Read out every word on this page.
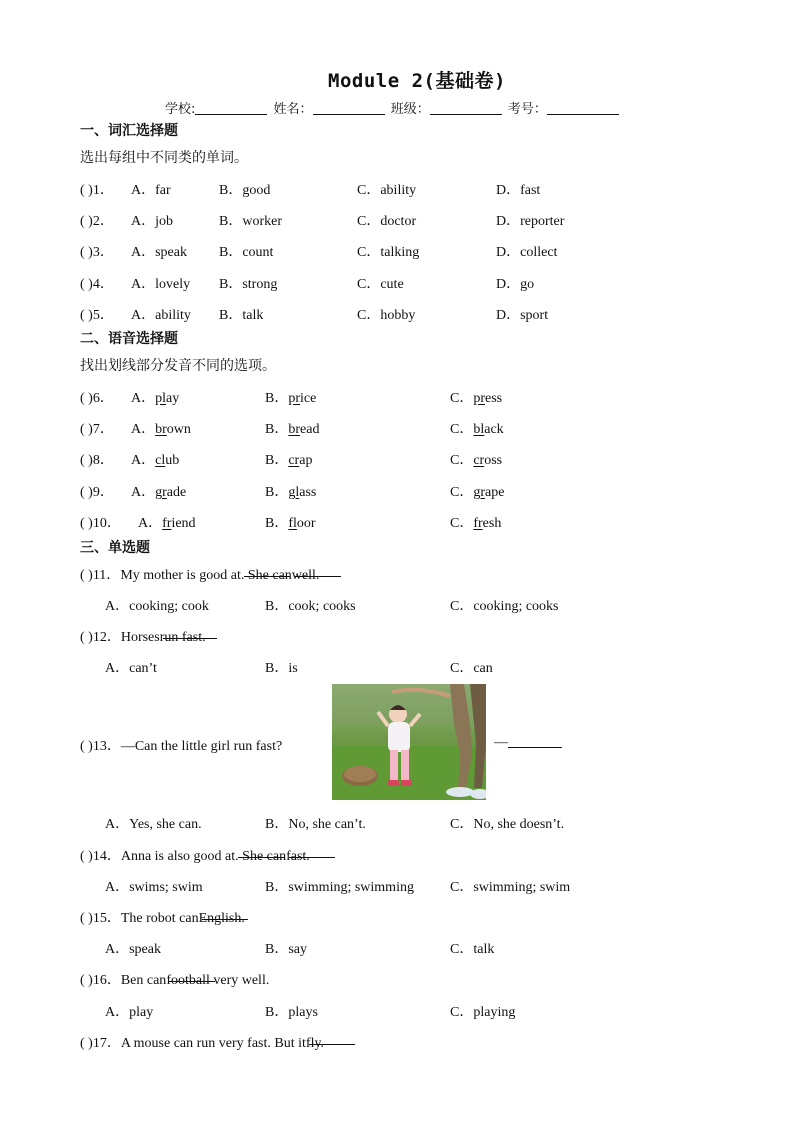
Module 2(基础卷)
学校:	姓名：	班级：	考号：
一、词汇选择题
选出每组中不同类的单词。
( )1． A．far	B．good	C．ability	D．fast
( )2． A．job	B．worker	C．doctor	D．reporter
( )3． A．speak B．count	C．talking	D．collect
( )4． A．lovely B．strong	C．cute	D．go
( )5． A．ability B．talk	C．hobby	D．sport
二、语音选择题
找出划线部分发音不同的选项。
( )6． A．play	B．price	C．press
( )7． A．brown	B．bread	C．black
( )8． A．club	B．crap	C．cross
( )9． A．grade	B．glass	C．grape
( )10． A．friend	B．floor	C．fresh
三、单选题
( )11．My mother is good at
. She can
well.
A．cooking; cook	B．cook; cooks	C．cooking; cooks
( )12．Horses
run fast.
A．can’t	B．is	C．can
( )13．—Can the little girl run fast?	—
A．Yes, she can.	B．No, she can’t.	C．No, she doesn’t.
( )14．Anna is also good at
. She can
fast.
A．swims; swim	B．swimming; swimming	C．swimming; swim
( )15．The robot can
English.
A．speak	B．say	C．talk
( )16．Ben can
football very well.
A．play	B．plays	C．playing
( )17．A mouse can run very fast. But it
fly.
